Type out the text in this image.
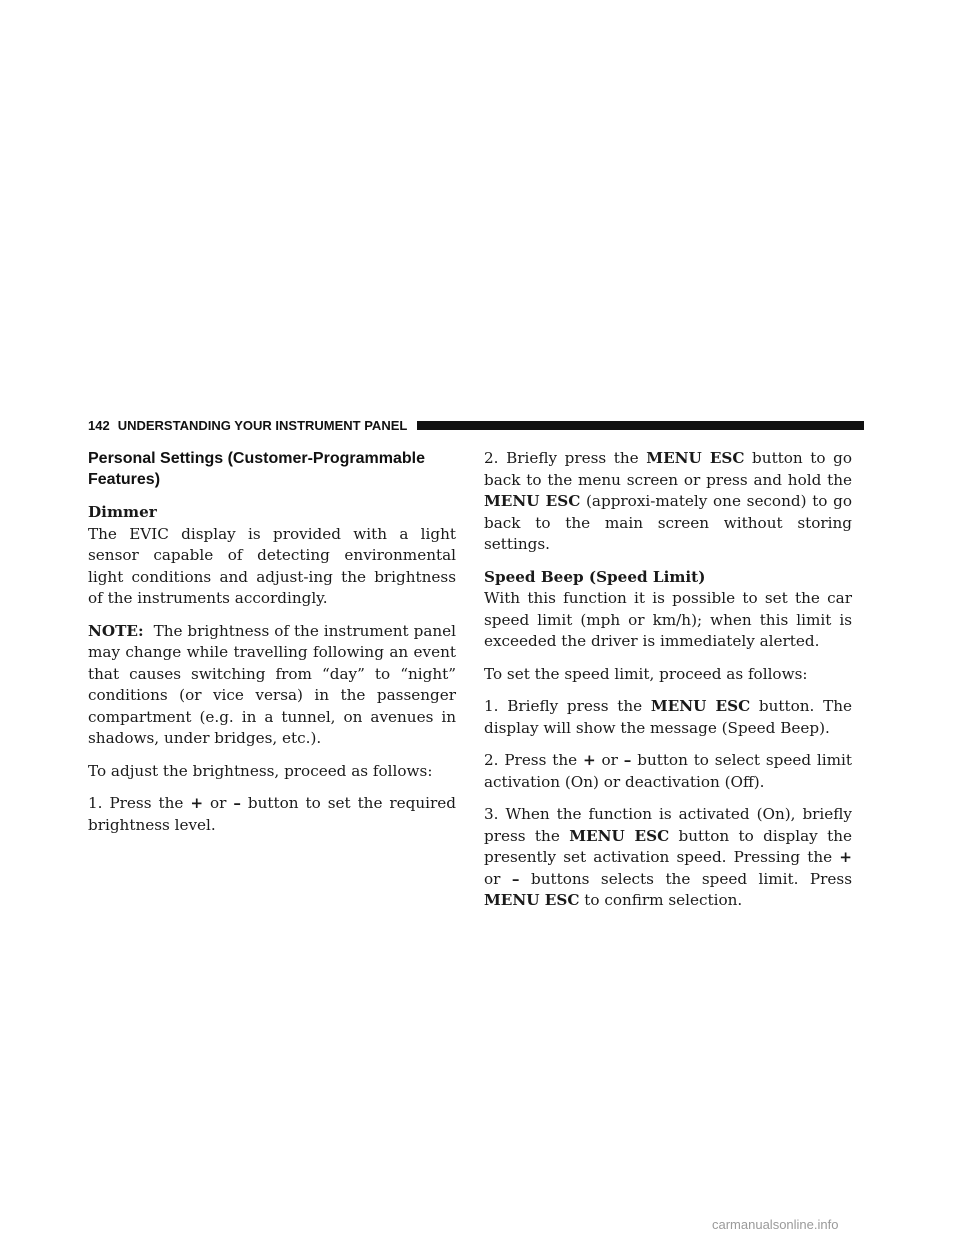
142 UNDERSTANDING YOUR INSTRUMENT PANEL
Personal Settings (Customer-Programmable Features)

Dimmer
The EVIC display is provided with a light sensor capable of detecting environmental light conditions and adjust-ing the brightness of the instruments accordingly.

NOTE: The brightness of the instrument panel may change while travelling following an event that causes switching from “day” to “night” conditions (or vice versa) in the passenger compartment (e.g. in a tunnel, on avenues in shadows, under bridges, etc.).

To adjust the brightness, proceed as follows:

1. Press the + or – button to set the required brightness level.

2. Briefly press the MENU ESC button to go back to the menu screen or press and hold the MENU ESC (approxi-mately one second) to go back to the main screen without storing settings.

Speed Beep (Speed Limit)
With this function it is possible to set the car speed limit (mph or km/h); when this limit is exceeded the driver is immediately alerted.

To set the speed limit, proceed as follows:

1. Briefly press the MENU ESC button. The display will show the message (Speed Beep).

2. Press the + or – button to select speed limit activation (On) or deactivation (Off).

3. When the function is activated (On), briefly press the MENU ESC button to display the presently set activation speed. Pressing the + or – buttons selects the speed limit. Press MENU ESC to confirm selection.

carmanualsonline.info
